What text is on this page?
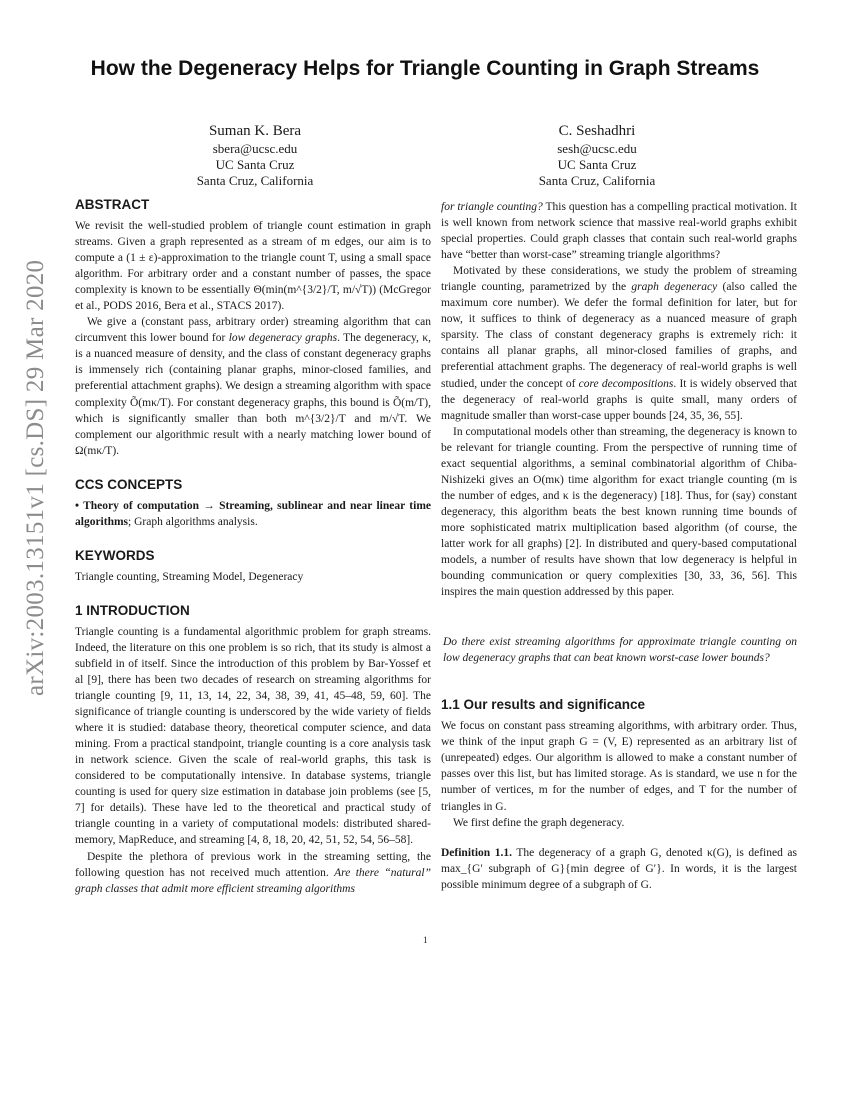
arXiv:2003.13151v1 [cs.DS] 29 Mar 2020
How the Degeneracy Helps for Triangle Counting in Graph Streams
Suman K. Bera
sbera@ucsc.edu
UC Santa Cruz
Santa Cruz, California
C. Seshadhri
sesh@ucsc.edu
UC Santa Cruz
Santa Cruz, California
ABSTRACT

We revisit the well-studied problem of triangle count estimation in graph streams. Given a graph represented as a stream of m edges, our aim is to compute a (1 ± ε)-approximation to the triangle count T, using a small space algorithm. For arbitrary order and a constant number of passes, the space complexity is known to be essentially Θ(min(m^{3/2}/T, m/√T)) (McGregor et al., PODS 2016, Bera et al., STACS 2017).

We give a (constant pass, arbitrary order) streaming algorithm that can circumvent this lower bound for low degeneracy graphs. The degeneracy, κ, is a nuanced measure of density, and the class of constant degeneracy graphs is immensely rich (containing planar graphs, minor-closed families, and preferential attachment graphs). We design a streaming algorithm with space complexity Õ(mκ/T). For constant degeneracy graphs, this bound is Õ(m/T), which is significantly smaller than both m^{3/2}/T and m/√T. We complement our algorithmic result with a nearly matching lower bound of Ω(mκ/T).

CCS CONCEPTS

• Theory of computation → Streaming, sublinear and near linear time algorithms; Graph algorithms analysis.

KEYWORDS

Triangle counting, Streaming Model, Degeneracy

1 INTRODUCTION

Triangle counting is a fundamental algorithmic problem for graph streams. Indeed, the literature on this one problem is so rich, that its study is almost a subfield in of itself. Since the introduction of this problem by Bar-Yossef et al [9], there has been two decades of research on streaming algorithms for triangle counting [9, 11, 13, 14, 22, 34, 38, 39, 41, 45–48, 59, 60]. The significance of triangle counting is underscored by the wide variety of fields where it is studied: database theory, theoretical computer science, and data mining. From a practical standpoint, triangle counting is a core analysis task in network science. Given the scale of real-world graphs, this task is considered to be computationally intensive. In database systems, triangle counting is used for query size estimation in database join problems (see [5, 7] for details). These have led to the theoretical and practical study of triangle counting in a variety of computational models: distributed shared-memory, MapReduce, and streaming [4, 8, 18, 20, 42, 51, 52, 54, 56–58].

Despite the plethora of previous work in the streaming setting, the following question has not received much attention. Are there “natural” graph classes that admit more efficient streaming algorithms

for triangle counting? This question has a compelling practical motivation. It is well known from network science that massive real-world graphs exhibit special properties. Could graph classes that contain such real-world graphs have “better than worst-case” streaming triangle algorithms?

Motivated by these considerations, we study the problem of streaming triangle counting, parametrized by the graph degeneracy (also called the maximum core number). We defer the formal definition for later, but for now, it suffices to think of degeneracy as a nuanced measure of graph sparsity. The class of constant degeneracy graphs is extremely rich: it contains all planar graphs, all minor-closed families of graphs, and preferential attachment graphs. The degeneracy of real-world graphs is well studied, under the concept of core decompositions. It is widely observed that the degeneracy of real-world graphs is quite small, many orders of magnitude smaller than worst-case upper bounds [24, 35, 36, 55].

In computational models other than streaming, the degeneracy is known to be relevant for triangle counting. From the perspective of running time of exact sequential algorithms, a seminal combinatorial algorithm of Chiba-Nishizeki gives an O(mκ) time algorithm for exact triangle counting (m is the number of edges, and κ is the degeneracy) [18]. Thus, for (say) constant degeneracy, this algorithm beats the best known running time bounds of more sophisticated matrix multiplication based algorithm (of course, the latter work for all graphs) [2]. In distributed and query-based computational models, a number of results have shown that low degeneracy is helpful in bounding communication or query complexities [30, 33, 36, 56]. This inspires the main question addressed by this paper.

Do there exist streaming algorithms for approximate triangle counting on low degeneracy graphs that can beat known worst-case lower bounds?

1.1 Our results and significance

We focus on constant pass streaming algorithms, with arbitrary order. Thus, we think of the input graph G = (V, E) represented as an arbitrary list of (unrepeated) edges. Our algorithm is allowed to make a constant number of passes over this list, but has limited storage. As is standard, we use n for the number of vertices, m for the number of edges, and T for the number of triangles in G.

We first define the graph degeneracy.

Definition 1.1. The degeneracy of a graph G, denoted κ(G), is defined as max_{G′ subgraph of G}{min degree of G′}. In words, it is the largest possible minimum degree of a subgraph of G.

1
